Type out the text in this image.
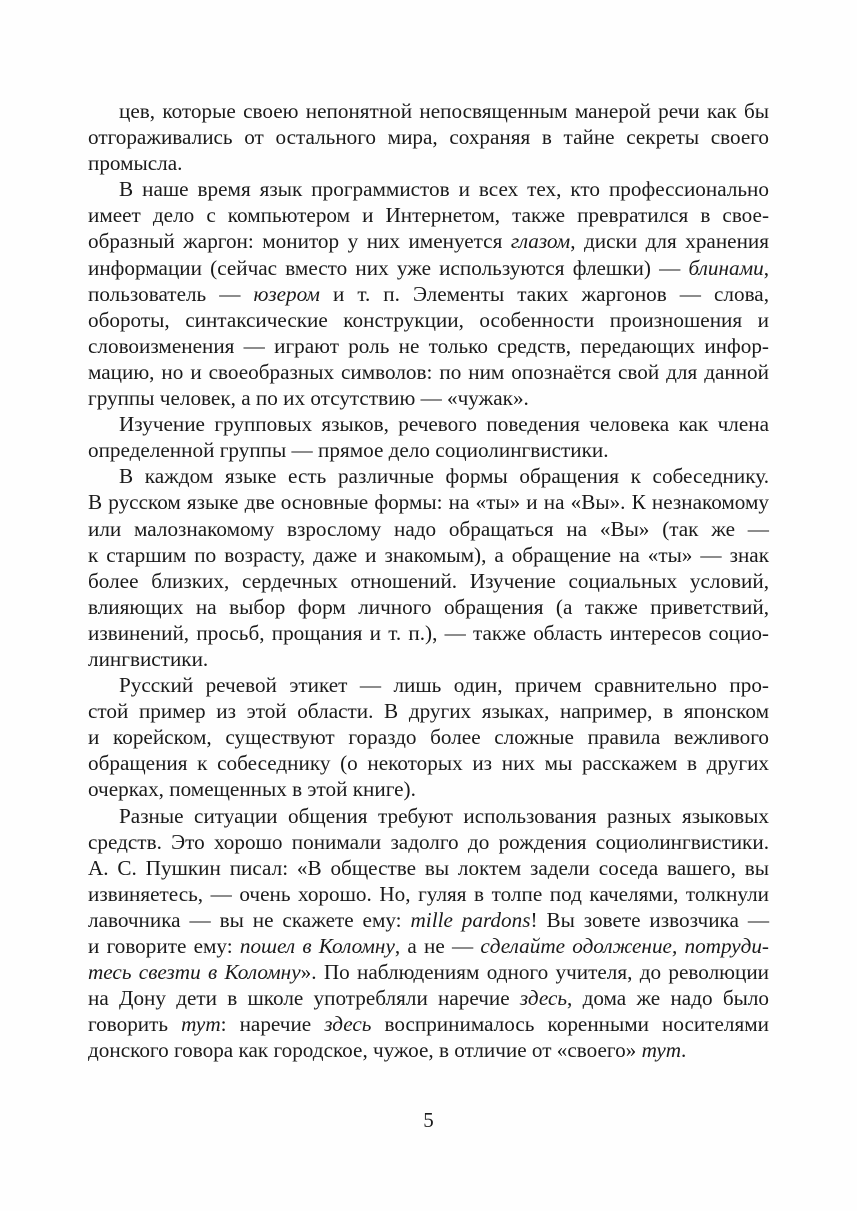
цев, которые своею непонятной непосвященным манерой речи как бы
отгораживались от остального мира, сохраняя в тайне секреты своего
промысла.
В наше время язык программистов и всех тех, кто профессионально
имеет дело с компьютером и Интернетом, также превратился в свое-
образный жаргон: монитор у них именуется глазом, диски для хранения
информации (сейчас вместо них уже используются флешки) — блинами,
пользователь — юзером и т. п. Элементы таких жаргонов — слова,
обороты, синтаксические конструкции, особенности произношения и
словоизменения — играют роль не только средств, передающих инфор-
мацию, но и своеобразных символов: по ним опознаётся свой для данной
группы человек, а по их отсутствию — «чужак».
Изучение групповых языков, речевого поведения человека как члена
определенной группы — прямое дело социолингвистики.
В каждом языке есть различные формы обращения к собеседнику.
В русском языке две основные формы: на «ты» и на «Вы». К незнакомому
или малознакомому взрослому надо обращаться на «Вы» (так же —
к старшим по возрасту, даже и знакомым), а обращение на «ты» — знак
более близких, сердечных отношений. Изучение социальных условий,
влияющих на выбор форм личного обращения (а также приветствий,
извинений, просьб, прощания и т. п.), — также область интересов социо-
лингвистики.
Русский речевой этикет — лишь один, причем сравнительно про-
стой пример из этой области. В других языках, например, в японском
и корейском, существуют гораздо более сложные правила вежливого
обращения к собеседнику (о некоторых из них мы расскажем в других
очерках, помещенных в этой книге).
Разные ситуации общения требуют использования разных языковых
средств. Это хорошо понимали задолго до рождения социолингвистики.
А. С. Пушкин писал: «В обществе вы локтем задели соседа вашего, вы
извиняетесь, — очень хорошо. Но, гуляя в толпе под качелями, толкнули
лавочника — вы не скажете ему: mille pardons! Вы зовете извозчика —
и говорите ему: пошел в Коломну, а не — сделайте одолжение, потруди-
тесь свезти в Коломну». По наблюдениям одного учителя, до революции
на Дону дети в школе употребляли наречие здесь, дома же надо было
говорить тут: наречие здесь воспринималось коренными носителями
донского говора как городское, чужое, в отличие от «своего» тут.
5
